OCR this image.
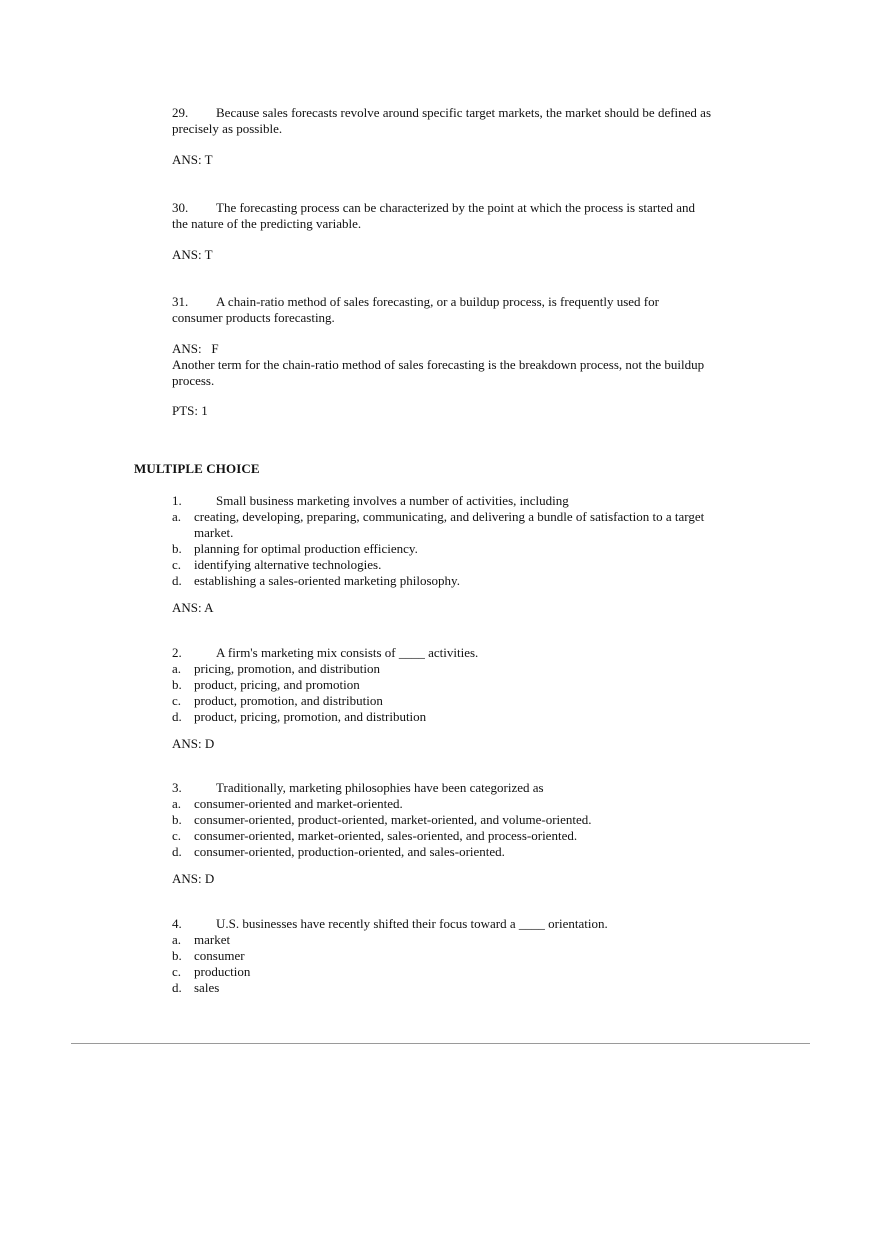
29. Because sales forecasts revolve around specific target markets, the market should be defined as precisely as possible.
ANS: T
30. The forecasting process can be characterized by the point at which the process is started and the nature of the predicting variable.
ANS: T
31. A chain-ratio method of sales forecasting, or a buildup process, is frequently used for consumer products forecasting.
ANS:   F
Another term for the chain-ratio method of sales forecasting is the breakdown process, not the buildup process.
PTS: 1
MULTIPLE CHOICE
1.	Small business marketing involves a number of activities, including
a. creating, developing, preparing, communicating, and delivering a bundle of satisfaction to a target market.
b. planning for optimal production efficiency.
c. identifying alternative technologies.
d. establishing a sales-oriented marketing philosophy.
ANS: A
2.	A firm's marketing mix consists of ____ activities.
a. pricing, promotion, and distribution
b. product, pricing, and promotion
c. product, promotion, and distribution
d. product, pricing, promotion, and distribution
ANS: D
3.	Traditionally, marketing philosophies have been categorized as
a. consumer-oriented and market-oriented.
b. consumer-oriented, product-oriented, market-oriented, and volume-oriented.
c. consumer-oriented, market-oriented, sales-oriented, and process-oriented.
d. consumer-oriented, production-oriented, and sales-oriented.
ANS: D
4.	U.S. businesses have recently shifted their focus toward a ____ orientation.
a. market
b. consumer
c. production
d. sales
